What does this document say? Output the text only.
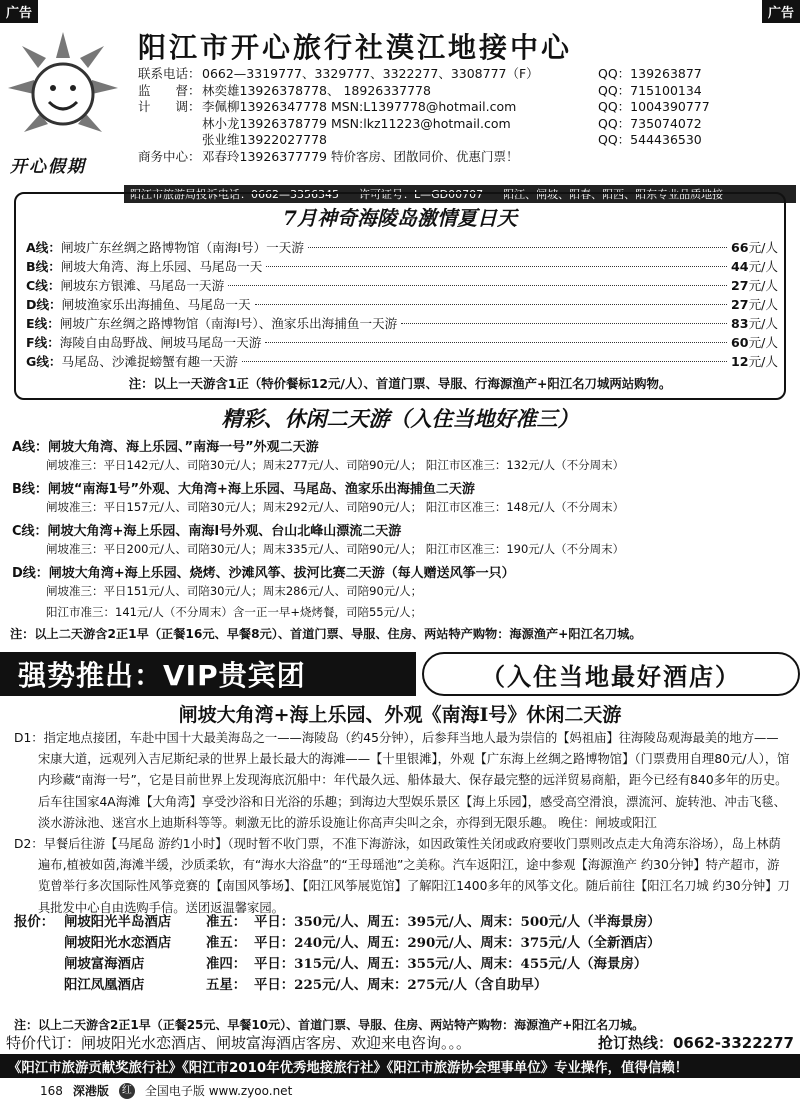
广告	广告
开心假期
阳江市开心旅行社漠江地接中心
联系电话：0662—3319777、3329777、3322277、3308777（F）
监　　督：林奕雄13926378778、 18926337778
计　　调：李佩柳13926347778 MSN:L1397778@hotmail.com
林小龙13926378779 MSN:lkz11223@hotmail.com
张业维13922027778
商务中心：邓春玲13926377779 特价客房、团散同价、优惠门票！
QQ：139263877
QQ：715100134
QQ：1004390777
QQ：735074072
QQ：544436530
阳江市旅游局投诉电话：0662—3356345 许可证号：L—GD00707 阳江、闸坡、阳春、阳西、阳东专业品质地接
7月神奇海陵岛激情夏日天
A线： 闸坡广东丝绸之路博物馆（南海Ⅰ号）一天游	66 元/人
B线： 闸坡大角湾、海上乐园、马尾岛一天	44 元/人
C线： 闸坡东方银滩、马尾岛一天游	27 元/人
D线： 闸坡渔家乐出海捕鱼、马尾岛一天	27 元/人
E线： 闸坡广东丝绸之路博物馆（南海Ⅰ号）、渔家乐出海捕鱼一天游	83 元/人
F线： 海陵自由岛野战、闸坡马尾岛一天游	60 元/人
G线： 马尾岛、沙滩捉螃蟹有趣一天游	12 元/人
注：以上一天游含1正（特价餐标12元/人）、首道门票、导服、行海源渔产+阳江名刀城两站购物。
精彩、休闲二天游（入住当地好准三）
A线：闸坡大角湾、海上乐园、”南海一号”外观二天游
闸坡准三：平日142元/人、司陪30元/人；周末277元/人、司陪90元/人； 阳江市区准三：132元/人（不分周末）
B线：闸坡“南海1号”外观、大角湾+海上乐园、马尾岛、渔家乐出海捕鱼二天游
闸坡准三：平日157元/人、司陪30元/人；周末292元/人、司陪90元/人； 阳江市区准三：148元/人（不分周末）
C线：闸坡大角湾+海上乐园、南海Ⅰ号外观、台山北峰山漂流二天游
闸坡准三：平日200元/人、司陪30元/人；周末335元/人、司陪90元/人； 阳江市区准三：190元/人（不分周末）
D线：闸坡大角湾+海上乐园、烧烤、沙滩风筝、拔河比赛二天游（每人赠送风筝一只）
闸坡准三：平日151元/人、司陪30元/人；周末286元/人、司陪90元/人；
阳江市准三：141元/人（不分周末）含一正一早+烧烤餐，司陪55元/人；
注：以上二天游含2正1早（正餐16元、早餐8元）、首道门票、导服、住房、两站特产购物：海源渔产+阳江名刀城。
强势推出：VIP贵宾团	（入住当地最好酒店）
闸坡大角湾+海上乐园、外观《南海Ⅰ号》休闲二天游

D1：指定地点接团，车赴中国十大最美海岛之一——海陵岛（约45分钟），后参拜当地人最为崇信的【妈祖庙】往海陵岛观海最美的地方——宋康大道，远观列入吉尼斯纪录的世界上最长最大的海滩——【十里银滩】，外观【广东海上丝绸之路博物馆】（门票费用自理80元/人），馆内珍藏“南海一号”，它是目前世界上发现海底沉船中：年代最久远、船体最大、保存最完整的远洋贸易商船，距今已经有840多年的历史。后车往国家4A海滩【大角湾】享受沙浴和日光浴的乐趣；到海边大型娱乐景区【海上乐园】，感受高空滑浪，漂流河、旋转池、冲击飞毯、淡水游泳池、迷宫水上迪斯科等等。刺激无比的游乐设施让你高声尖叫之余，亦得到无限乐趣。 晚住：闸坡或阳江

D2：早餐后往游【马尾岛 游约1小时】（现时暂不收门票，不准下海游泳，如因政策性关闭或政府要收门票则改点走大角湾东浴场），岛上林荫遍布,植被如茵,海滩半缓，沙质柔软，有“海水大浴盘”的“王母瑶池”之美称。汽车返阳江，途中参观【海源渔产 约30分钟】特产超市，游览曾举行多次国际性风筝竞赛的【南国风筝场】、【阳江风筝展览馆】了解阳江1400多年的风筝文化。随后前往【阳江名刀城 约30分钟】刀具批发中心自由选购手信。送团返温馨家园。

报价： 闸坡阳光半岛酒店	准五： 平日：350元/人、周五：395元/人、周末：500元/人（半海景房）
闸坡阳光水恋酒店	准五： 平日：240元/人、周五：290元/人、周末：375元/人（全新酒店）
闸坡富海酒店	准四： 平日：315元/人、周五：355元/人、周末：455元/人（海景房）
阳江凤凰酒店	五星： 平日：225元/人、周末：275元/人（含自助早）
注：以上二天游含2正1早（正餐25元、早餐10元）、首道门票、导服、住房、两站特产购物：海源渔产+阳江名刀城。
特价代订：闸坡阳光水恋酒店、闸坡富海酒店客房、欢迎来电咨询。。。	抢订热线：0662-3322277
《阳江市旅游贡献奖旅行社》《阳江市2010年优秀地接旅行社》《阳江市旅游协会理事单位》专业操作，值得信赖！
168 深港版	红 全国电子版 www.zyoo.net
